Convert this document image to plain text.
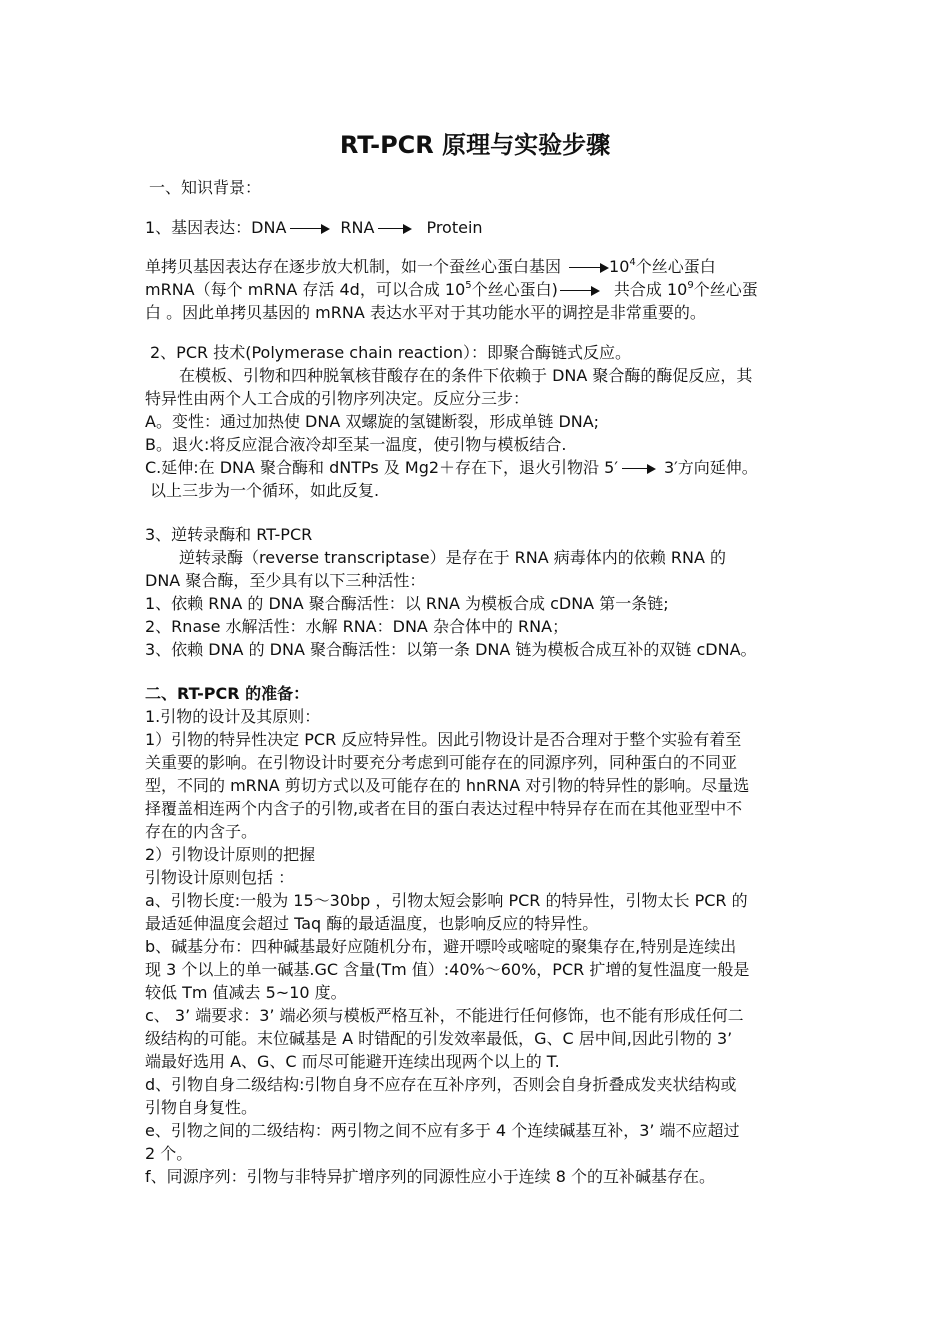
RT-PCR 原理与实验步骤
一、知识背景：
1、基因表达：DNA	RNA	Protein
单拷贝基因表达存在逐步放大机制，如一个蚕丝心蛋白基因	$10^4$个丝心蛋白
mRNA（每个 mRNA 存活 4d，可以合成 $10^5$个丝心蛋白)	共合成 $10^9$个丝心蛋
白 。因此单拷贝基因的 mRNA 表达水平对于其功能水平的调控是非常重要的。
2、PCR 技术(Polymerase chain reaction）：即聚合酶链式反应。
在模板、引物和四种脱氧核苷酸存在的条件下依赖于 DNA 聚合酶的酶促反应，其
特异性由两个人工合成的引物序列决定。反应分三步：
A。变性：通过加热使 DNA 双螺旋的氢键断裂，形成单链 DNA;
B。退火:将反应混合液冷却至某一温度，使引物与模板结合.
C.延伸:在 DNA 聚合酶和 dNTPs 及 Mg2＋存在下，退火引物沿 5′	3′方向延伸。
以上三步为一个循环，如此反复.
3、逆转录酶和 RT-PCR
逆转录酶（reverse transcriptase）是存在于 RNA 病毒体内的依赖 RNA 的
DNA 聚合酶，至少具有以下三种活性：
1、依赖 RNA 的 DNA 聚合酶活性：以 RNA 为模板合成 cDNA 第一条链;
2、Rnase 水解活性：水解 RNA：DNA 杂合体中的 RNA；
3、依赖 DNA 的 DNA 聚合酶活性：以第一条 DNA 链为模板合成互补的双链 cDNA。
二、RT-PCR 的准备：
1.引物的设计及其原则：
1）引物的特异性决定 PCR 反应特异性。因此引物设计是否合理对于整个实验有着至
关重要的影响。在引物设计时要充分考虑到可能存在的同源序列，同种蛋白的不同亚
型，不同的 mRNA 剪切方式以及可能存在的 hnRNA 对引物的特异性的影响。尽量选
择覆盖相连两个内含子的引物,或者在目的蛋白表达过程中特异存在而在其他亚型中不
存在的内含子。
2）引物设计原则的把握
引物设计原则包括 ：
a、引物长度:一般为 15～30bp ，引物太短会影响 PCR 的特异性，引物太长 PCR 的
最适延伸温度会超过 Taq 酶的最适温度，也影响反应的特异性。
b、碱基分布：四种碱基最好应随机分布，避开嘌呤或嘧啶的聚集存在,特别是连续出
现 3 个以上的单一碱基.GC 含量(Tm 值）:40%～60%，PCR 扩增的复性温度一般是
较低 Tm 值减去 5~10 度。
c、 3’ 端要求：3’ 端必须与模板严格互补，不能进行任何修饰，也不能有形成任何二
级结构的可能。末位碱基是 A 时错配的引发效率最低，G、C 居中间,因此引物的 3’
端最好选用 A、G、C 而尽可能避开连续出现两个以上的 T.
d、引物自身二级结构:引物自身不应存在互补序列，否则会自身折叠成发夹状结构或
引物自身复性。
e、引物之间的二级结构：两引物之间不应有多于 4 个连续碱基互补，3’ 端不应超过
2 个。
f、同源序列：引物与非特异扩增序列的同源性应小于连续 8 个的互补碱基存在。
